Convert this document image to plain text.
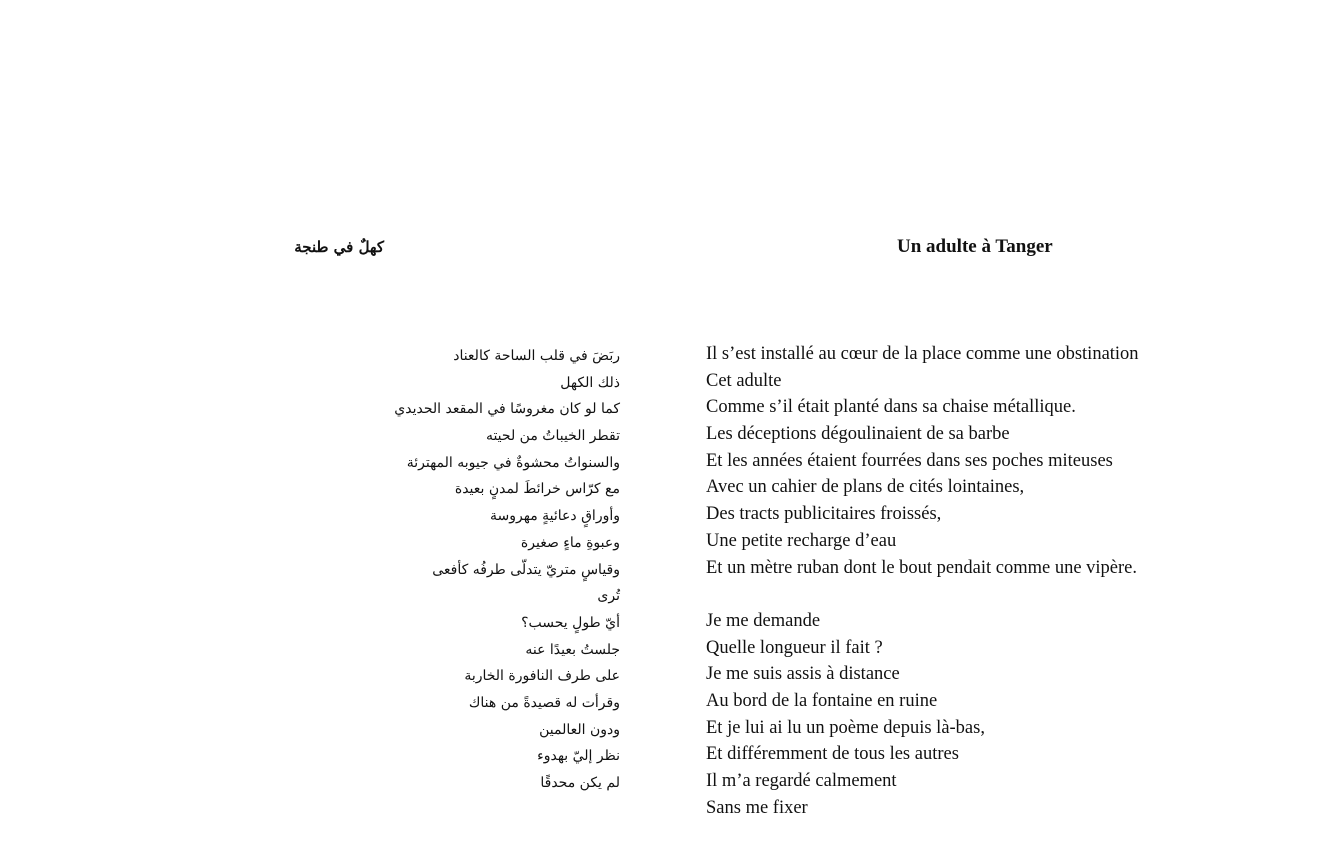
كهلٌ في طنجة	Un adulte à Tanger
ربَضَ في قلب الساحة كالعناد
ذلك الكهل
كما لو كان مغروسًا في المقعد الحديدي
تقطر الخيباتُ من لحيته
والسنواتُ محشوةٌ في جيوبه المهترئة
مع كرّاس خرائطَ لمدنٍ بعيدة
وأوراقٍ دعائيةٍ مهروسة
وعبوةِ ماءٍ صغيرة
وقياسٍ متريّ يتدلّى طرفُه كأفعى
تُرى
أيّ طولٍ يحسب؟
جلستُ بعيدًا عنه
على طرف النافورة الخاربة
وقرأت له قصيدةً من هناك
ودون العالمين
نظر إليّ بهدوء
لم يكن محدقًا
Il s’est installé au cœur de la place comme une obstination
Cet adulte
Comme s’il était planté dans sa chaise métallique.
Les déceptions dégoulinaient de sa barbe
Et les années étaient fourrées dans ses poches miteuses
Avec un cahier de plans de cités lointaines,
Des tracts publicitaires froissés,
Une petite recharge d’eau
Et un mètre ruban dont le bout pendait comme une vipère.
Je me demande
Quelle longueur il fait ?
Je me suis assis à distance
Au bord de la fontaine en ruine
Et je lui ai lu un poème depuis là-bas,
Et différemment de tous les autres
Il m’a regardé calmement
Sans me fixer
